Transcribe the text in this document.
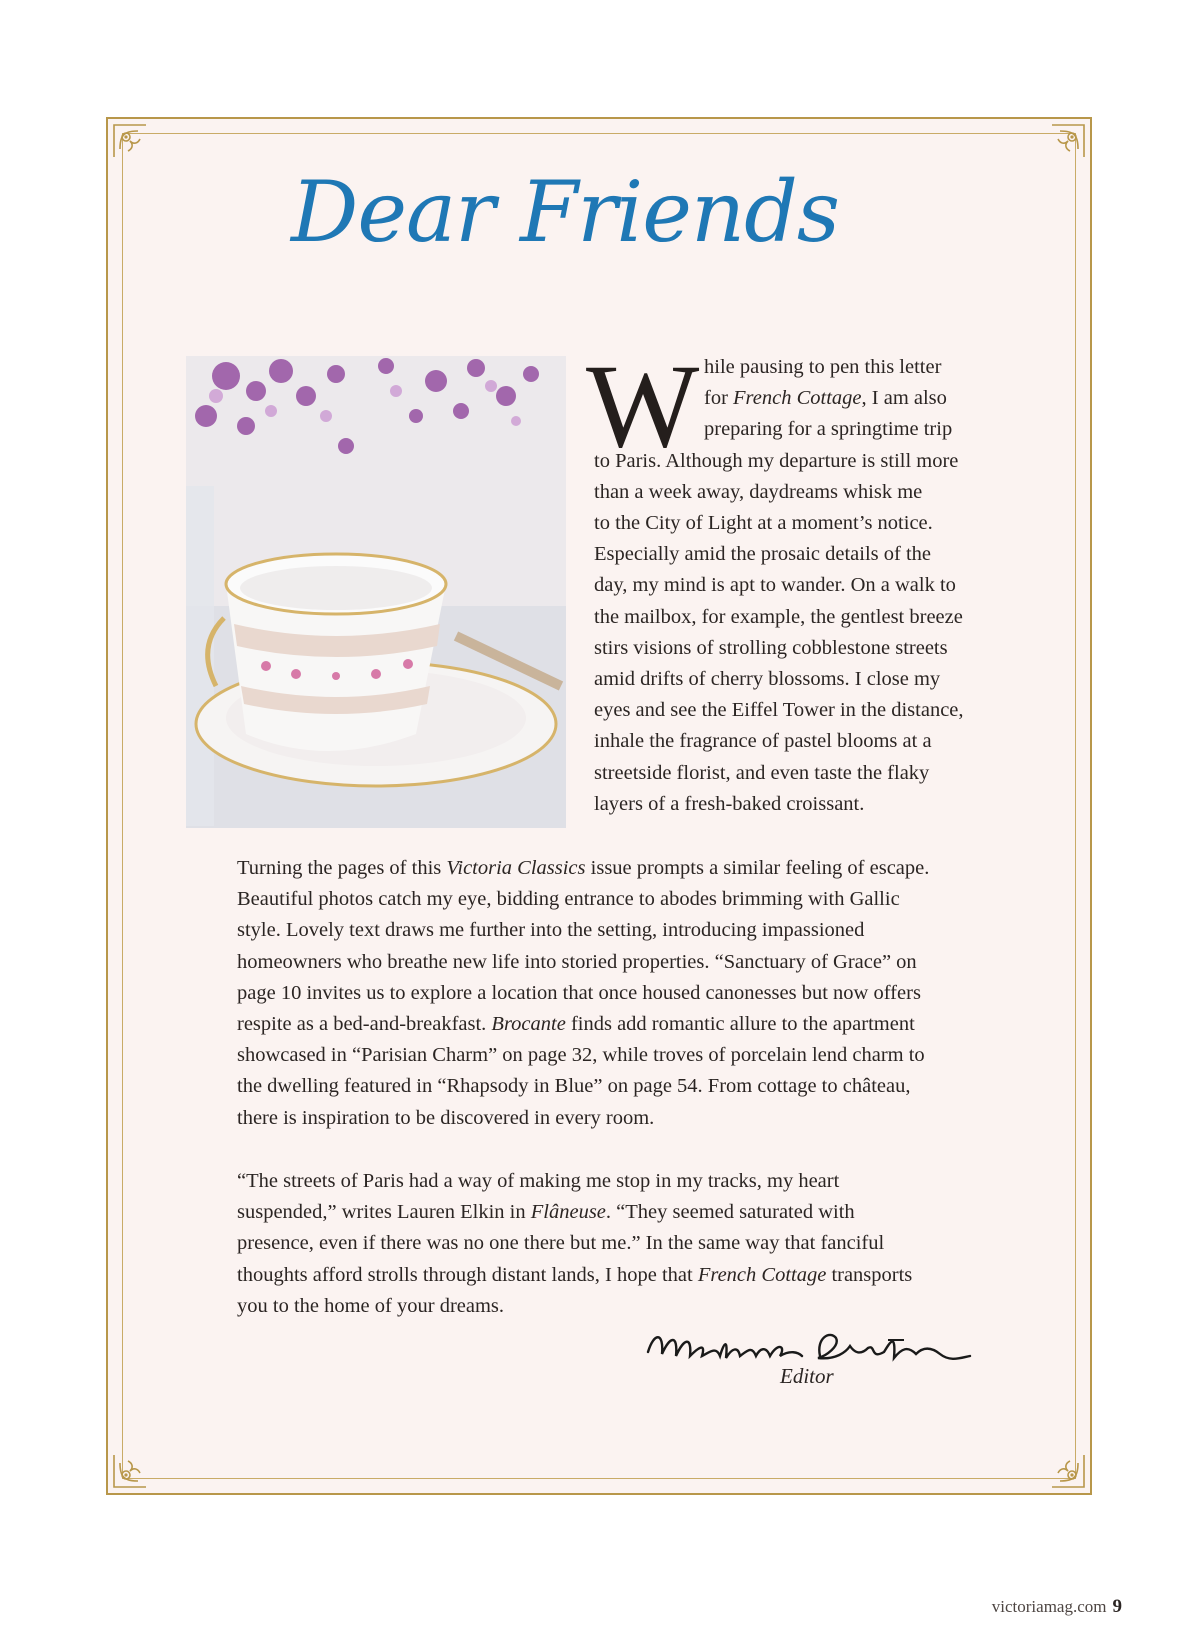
Dear Friends
W hile pausing to pen this letter
for French Cottage, I am also
preparing for a springtime trip
to Paris. Although my departure is still more
than a week away, daydreams whisk me
to the City of Light at a moment’s notice.
Especially amid the prosaic details of the
day, my mind is apt to wander. On a walk to
the mailbox, for example, the gentlest breeze
stirs visions of strolling cobblestone streets
amid drifts of cherry blossoms. I close my
eyes and see the Eiffel Tower in the distance,
inhale the fragrance of pastel blooms at a
streetside florist, and even taste the flaky
layers of a fresh-baked croissant.

Turning the pages of this Victoria Classics issue prompts a similar feeling of escape.
Beautiful photos catch my eye, bidding entrance to abodes brimming with Gallic
style. Lovely text draws me further into the setting, introducing impassioned
homeowners who breathe new life into storied properties. “Sanctuary of Grace” on
page 10 invites us to explore a location that once housed canonesses but now offers
respite as a bed-and-breakfast. Brocante finds add romantic allure to the apartment
showcased in “Parisian Charm” on page 32, while troves of porcelain lend charm to
the dwelling featured in “Rhapsody in Blue” on page 54. From cottage to château,
there is inspiration to be discovered in every room.

“The streets of Paris had a way of making me stop in my tracks, my heart
suspended,” writes Lauren Elkin in Flâneuse. “They seemed saturated with
presence, even if there was no one there but me.” In the same way that fanciful
thoughts afford strolls through distant lands, I hope that French Cottage transports
you to the home of your dreams.

Editor
victoriamag.com 9
